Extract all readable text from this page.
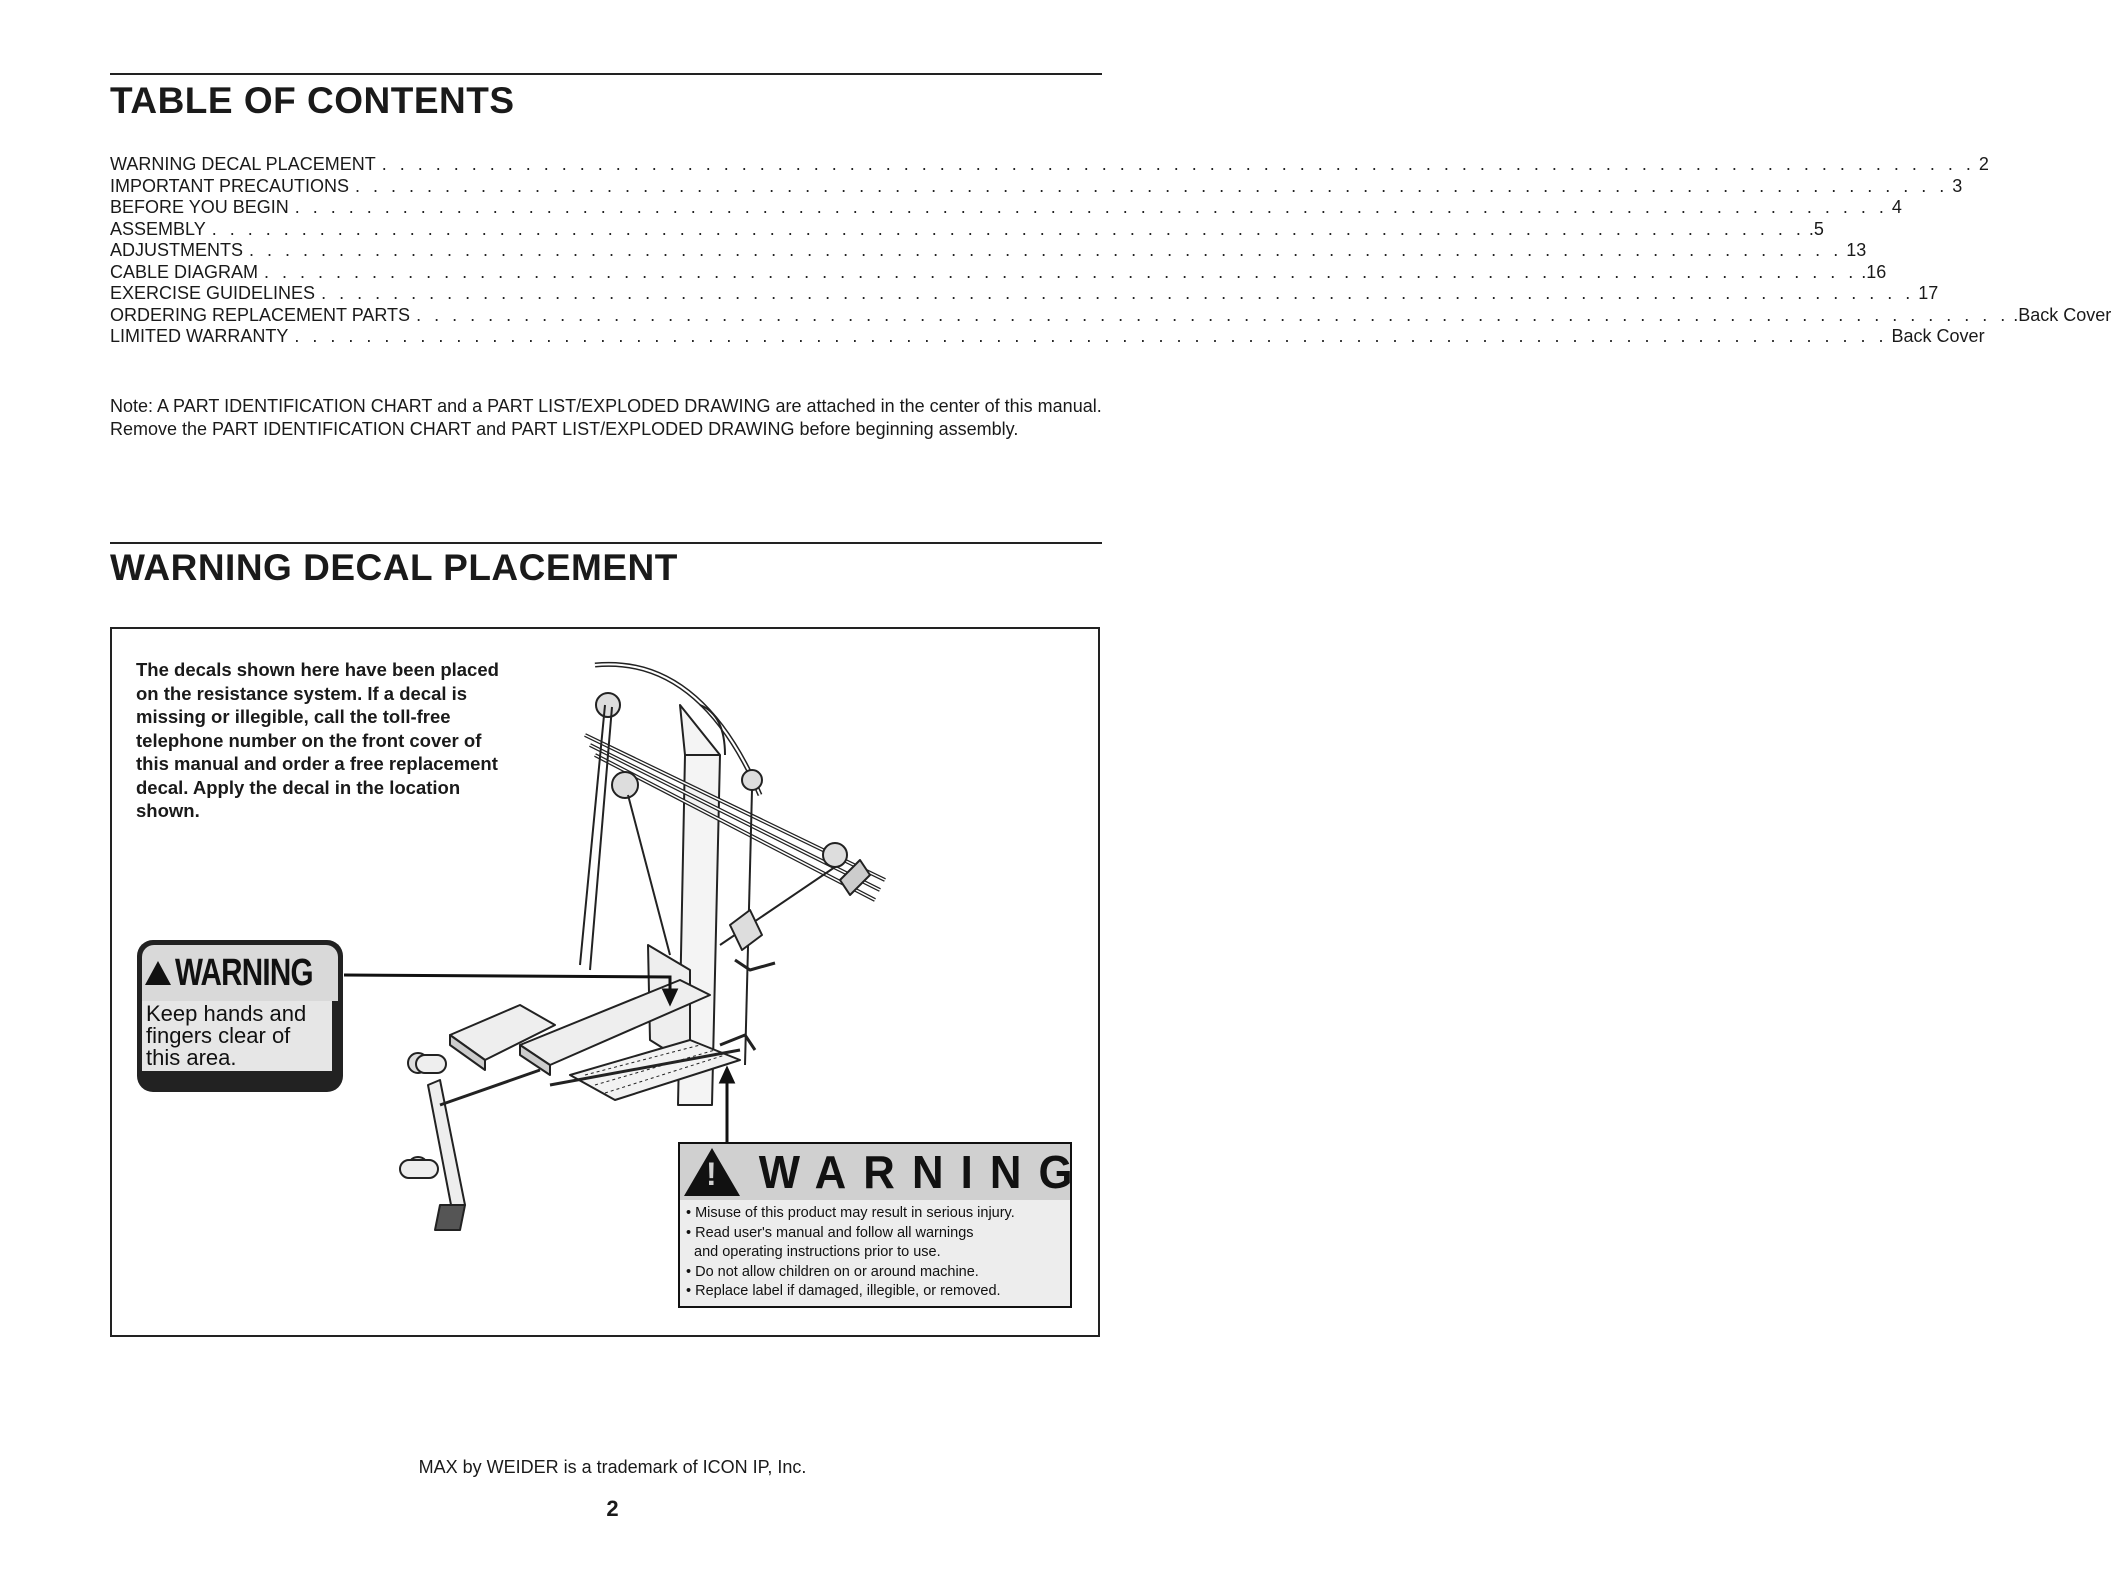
TABLE OF CONTENTS
WARNING DECAL PLACEMENT . . . . . . . . . . . . . . . . . . . . . . . . . . . . . . . . . . . . . . . . . . . . . . . . . . . . . . . . . . . . . . . . . . . . . . . . . . . . . . . . . . . . . . . . . 2
IMPORTANT PRECAUTIONS . . . . . . . . . . . . . . . . . . . . . . . . . . . . . . . . . . . . . . . . . . . . . . . . . . . . . . . . . . . . . . . . . . . . . . . . . . . . . . . . . . . . . . . . . 3
BEFORE YOU BEGIN . . . . . . . . . . . . . . . . . . . . . . . . . . . . . . . . . . . . . . . . . . . . . . . . . . . . . . . . . . . . . . . . . . . . . . . . . . . . . . . . . . . . . . . . . 4
ASSEMBLY . . . . . . . . . . . . . . . . . . . . . . . . . . . . . . . . . . . . . . . . . . . . . . . . . . . . . . . . . . . . . . . . . . . . . . . . . . . . . . . . . . . . . . . . . .5
ADJUSTMENTS . . . . . . . . . . . . . . . . . . . . . . . . . . . . . . . . . . . . . . . . . . . . . . . . . . . . . . . . . . . . . . . . . . . . . . . . . . . . . . . . . . . . . . . . . 13
CABLE DIAGRAM . . . . . . . . . . . . . . . . . . . . . . . . . . . . . . . . . . . . . . . . . . . . . . . . . . . . . . . . . . . . . . . . . . . . . . . . . . . . . . . . . . . . . . . . . .16
EXERCISE GUIDELINES . . . . . . . . . . . . . . . . . . . . . . . . . . . . . . . . . . . . . . . . . . . . . . . . . . . . . . . . . . . . . . . . . . . . . . . . . . . . . . . . . . . . . . . . . 17
ORDERING REPLACEMENT PARTS . . . . . . . . . . . . . . . . . . . . . . . . . . . . . . . . . . . . . . . . . . . . . . . . . . . . . . . . . . . . . . . . . . . . . . . . . . . . . . . . . . . . . . . . . .Back Cover
LIMITED WARRANTY . . . . . . . . . . . . . . . . . . . . . . . . . . . . . . . . . . . . . . . . . . . . . . . . . . . . . . . . . . . . . . . . . . . . . . . . . . . . . . . . . . . . . . . . . Back Cover

Note: A PART IDENTIFICATION CHART and a PART LIST/EXPLODED DRAWING are attached in the center of this manual. Remove the PART IDENTIFICATION CHART and PART LIST/EXPLODED DRAWING before beginning assembly.

WARNING DECAL PLACEMENT

The decals shown here have been placed on the resistance system. If a decal is missing or illegible, call the toll-free telephone number on the front cover of this manual and order a free replacement decal. Apply the decal in the location shown.

WARNING
Keep hands and
fingers clear of
this area.
!
WARNING
• Misuse of this product may result in serious injury.
• Read user's manual and follow all warnings
and operating instructions prior to use.
• Do not allow children on or around machine.
• Replace label if damaged, illegible, or removed.

MAX by WEIDER is a trademark of ICON IP, Inc.

2
